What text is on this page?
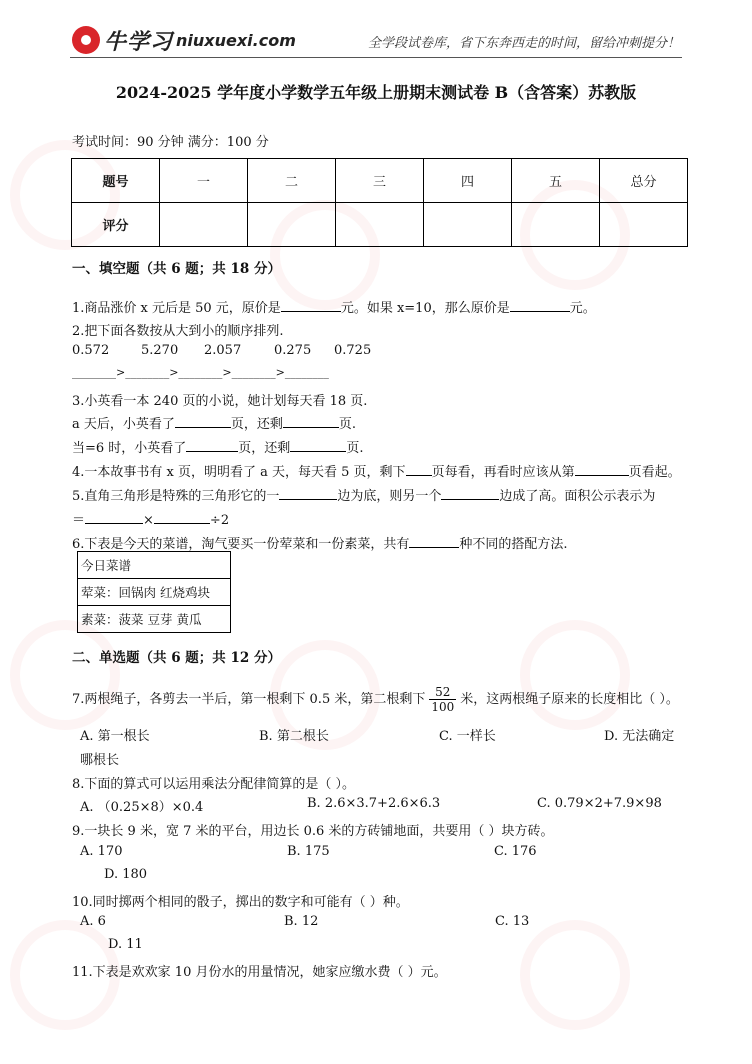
牛学习 niuxuexi.com	全学段试卷库，省下东奔西走的时间，留给冲刺提分！
2024-2025 学年度小学数学五年级上册期末测试卷 B（含答案）苏教版
考试时间：90 分钟 满分：100 分
题号	一	二	三	四	五	总分
评分						
一、填空题（共 6 题；共 18 分）
1.商品涨价 x 元后是 50 元，原价是	元。如果 x=10，那么原价是	元。
2.把下面各数按从大到小的顺序排列.
0.572 5.270 2.057	0.275 0.725
________>________>________>________>________
3.小英看一本 240 页的小说，她计划每天看 18 页.
a 天后，小英看了	页，还剩	页.
当=6 时，小英看了	页，还剩	页.
4.一本故事书有 x 页，明明看了 a 天，每天看 5 页，剩下 页每看，再看时应该从第	页看起。
5.直角三角形是特殊的三角形它的一	边为底，则另一个	边成了高。面积公示表示为
＝	×	÷2
6.下表是今天的菜谱，淘气要买一份荤菜和一份素菜，共有	种不同的搭配方法.
今日菜谱
荤菜：回锅肉 红烧鸡块
素菜：菠菜 豆芽 黄瓜
二、单选题（共 6 题；共 12 分）
7.两根绳子，各剪去一半后，第一根剩下 0.5 米，第二根剩下 $\frac{52}{100}$ 米，这两根绳子原来的长度相比（ ）。
A. 第一根长	B. 第二根长	C. 一样长	D. 无法确定
哪根长
8.下面的算式可以运用乘法分配律简算的是（ ）。
A. （0.25×8）×0.4	B. 2.6×3.7+2.6×6.3	C. 0.79×2+7.9×98
9.一块长 9 米，宽 7 米的平台，用边长 0.6 米的方砖铺地面，共要用（ ）块方砖。
A. 170	B. 175	C. 176
D. 180
10.同时掷两个相同的骰子，掷出的数字和可能有（ ）种。
A. 6	B. 12	C. 13
D. 11
11.下表是欢欢家 10 月份水的用量情况，她家应缴水费（ ）元。
